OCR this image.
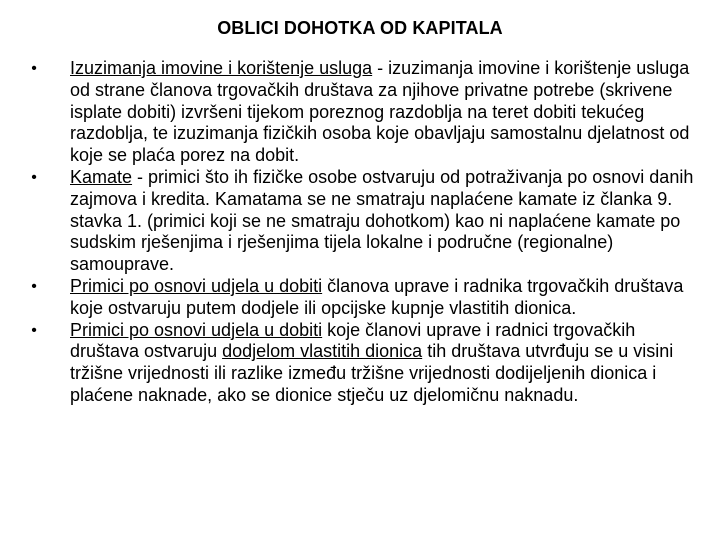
OBLICI DOHOTKA OD KAPITALA
• Izuzimanja imovine i korištenje usluga - izuzimanja imovine i korištenje usluga od strane članova trgovačkih društava za njihove privatne potrebe (skrivene isplate dobiti) izvršeni tijekom poreznog razdoblja na teret dobiti tekućeg razdoblja, te izuzimanja fizičkih osoba koje obavljaju samostalnu djelatnost od koje se plaća porez na dobit.
• Kamate - primici što ih fizičke osobe ostvaruju od potraživanja po osnovi danih zajmova i kredita. Kamatama se ne smatraju naplaćene kamate iz članka 9. stavka 1. (primici koji se ne smatraju dohotkom) kao ni naplaćene kamate po sudskim rješenjima i rješenjima tijela lokalne i područne (regionalne) samouprave.
• Primici po osnovi udjela u dobiti članova uprave i radnika trgovačkih društava koje ostvaruju putem dodjele ili opcijske kupnje vlastitih dionica.
• Primici po osnovi udjela u dobiti koje članovi uprave i radnici trgovačkih društava ostvaruju dodjelom vlastitih dionica tih društava utvrđuju se u visini tržišne vrijednosti ili razlike između tržišne vrijednosti dodijeljenih dionica i plaćene naknade, ako se dionice stječu uz djelomičnu naknadu.
